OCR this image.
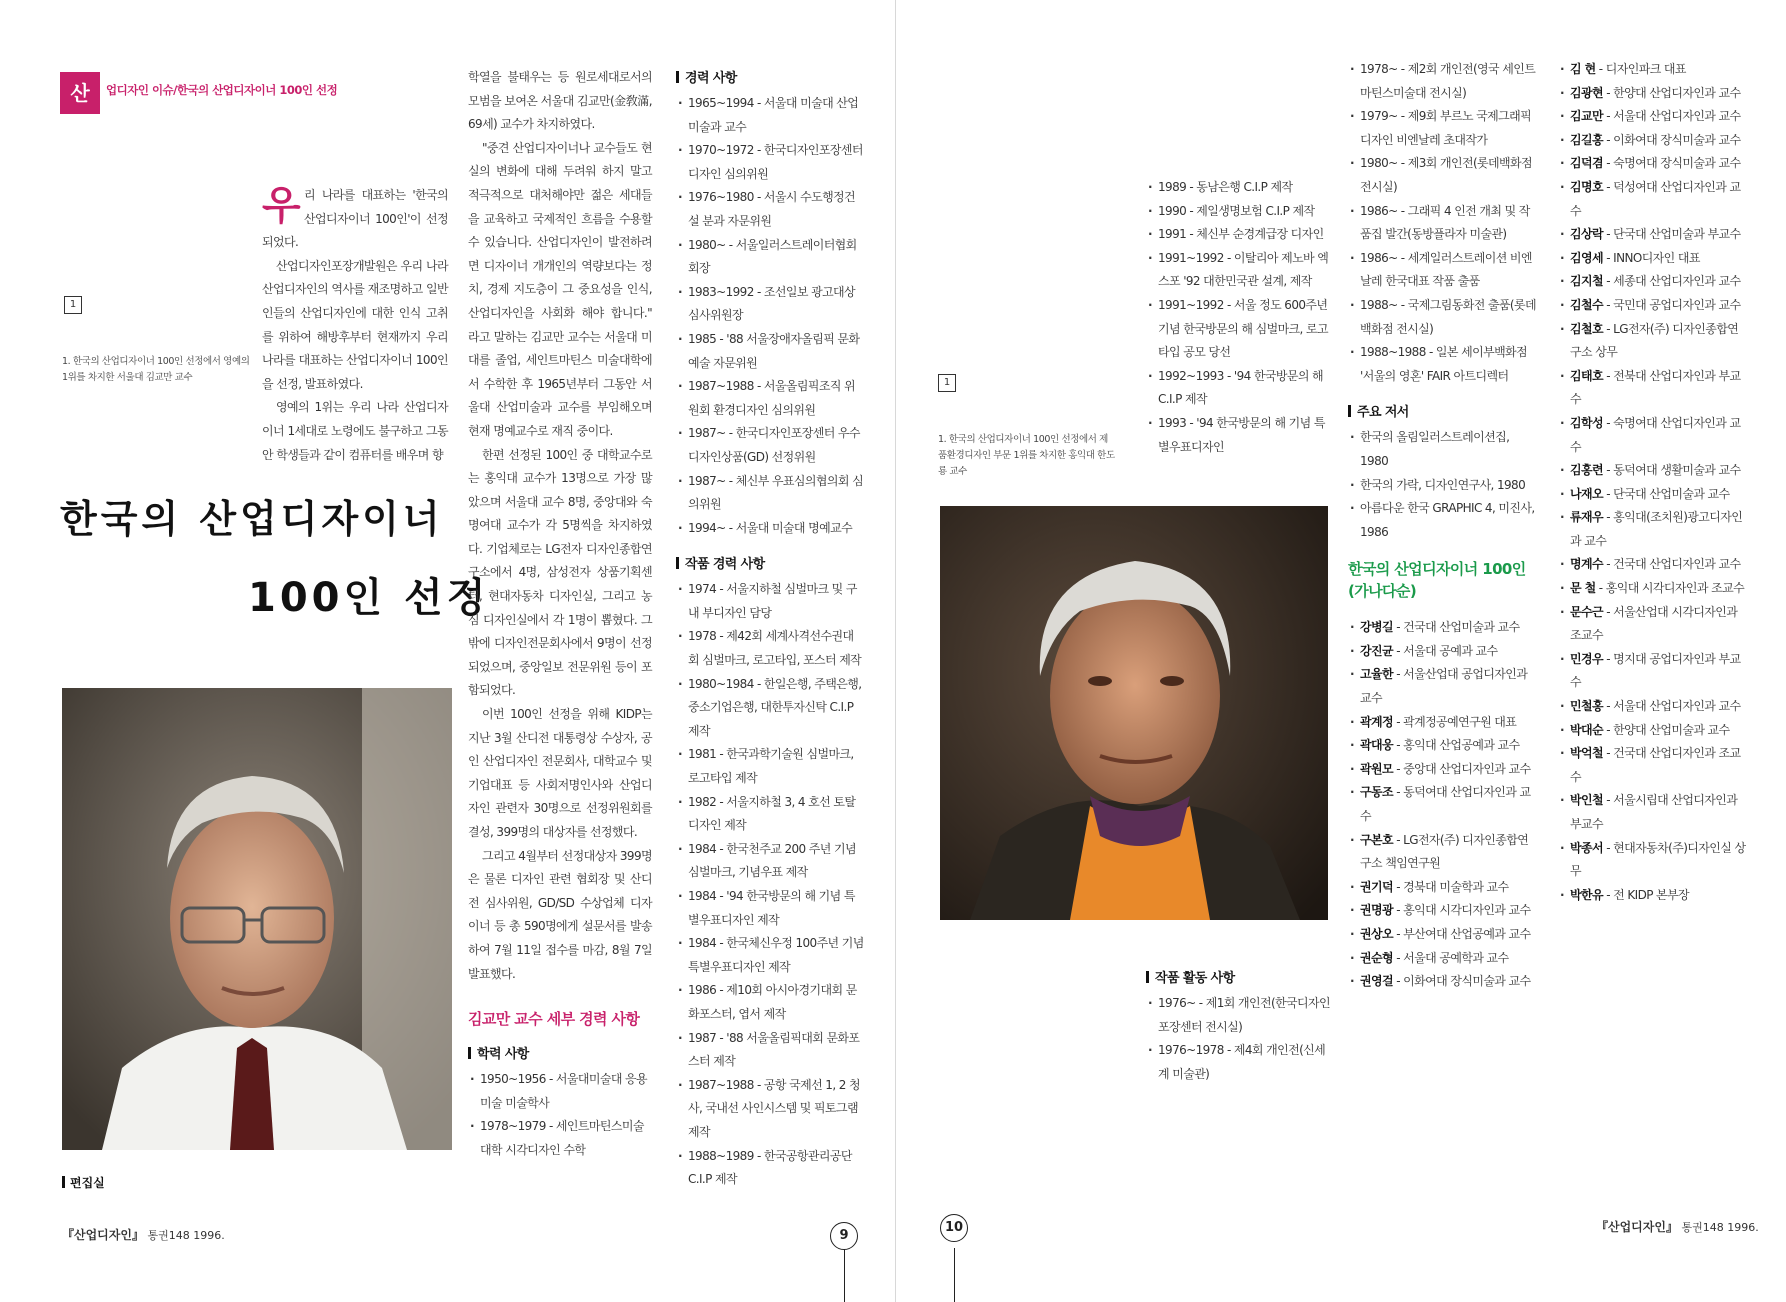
산	업디자인 이슈/한국의 산업디자이너 100인 선정

우리 나라를 대표하는 '한국의 산업디자이너 100인'이 선정되었다.

산업디자인포장개발원은 우리 나라 산업디자인의 역사를 재조명하고 일반인들의 산업디자인에 대한 인식 고취를 위하여 해방후부터 현재까지 우리 나라를 대표하는 산업디자이너 100인을 선정, 발표하였다.

영예의 1위는 우리 나라 산업디자이너 1세대로 노령에도 불구하고 그동안 학생들과 같이 컴퓨터를 배우며 향

1
1. 한국의 산업디자이너 100인 선정에서 영예의 1위를 차지한 서울대 김교만 교수
한국의 산업디자이너
100인 선정
편집실

학열을 불태우는 등 원로세대로서의 모범을 보여온 서울대 김교만(金敎滿, 69세) 교수가 차지하였다.

"중견 산업디자이너나 교수들도 현실의 변화에 대해 두려워 하지 말고 적극적으로 대처해야만 젊은 세대들을 교육하고 국제적인 흐름을 수용할 수 있습니다. 산업디자인이 발전하려면 디자이너 개개인의 역량보다는 정치, 경제 지도층이 그 중요성을 인식, 산업디자인을 사회화 해야 합니다." 라고 말하는 김교만 교수는 서울대 미대를 졸업, 세인트마틴스 미술대학에서 수학한 후 1965년부터 그동안 서울대 산업미술과 교수를 부임해오며 현재 명예교수로 재직 중이다.

한편 선정된 100인 중 대학교수로는 홍익대 교수가 13명으로 가장 많았으며 서울대 교수 8명, 중앙대와 숙명여대 교수가 각 5명씩을 차지하였다. 기업체로는 LG전자 디자인종합연구소에서 4명, 삼성전자 상품기획센터, 현대자동차 디자인실, 그리고 농심 디자인실에서 각 1명이 뽑혔다. 그밖에 디자인전문회사에서 9명이 선정되었으며, 중앙일보 전문위원 등이 포함되었다.

이번 100인 선정을 위해 KIDP는 지난 3월 산디전 대통령상 수상자, 공인 산업디자인 전문회사, 대학교수 및 기업대표 등 사회저명인사와 산업디자인 관련자 30명으로 선정위원회를 결성, 399명의 대상자를 선정했다.

그리고 4월부터 선정대상자 399명은 물론 디자인 관련 협회장 및 산디전 심사위원, GD/SD 수상업체 디자이너 등 총 590명에게 설문서를 발송하여 7월 11일 접수를 마감, 8월 7일 발표했다.

김교만 교수 세부 경력 사항
학력 사항
· 1950~1956 - 서울대미술대 응용미술 미술학사
· 1978~1979 - 세인트마틴스미술대학 시각디자인 수학
경력 사항
· 1965~1994 - 서울대 미술대 산업미술과 교수
· 1970~1972 - 한국디자인포장센터 디자인 심의위원
· 1976~1980 - 서울시 수도행정건설 분과 자문위원
· 1980~ - 서울일러스트레이터협회 회장
· 1983~1992 - 조선일보 광고대상 심사위원장
· 1985 - '88 서울장애자올림픽 문화예술 자문위원
· 1987~1988 - 서울올림픽조직 위원회 환경디자인 심의위원
· 1987~ - 한국디자인포장센터 우수디자인상품(GD) 선정위원
· 1987~ - 체신부 우표심의협의회 심의위원
· 1994~ - 서울대 미술대 명예교수
작품 경력 사항
· 1974 - 서울지하철 심벌마크 및 구내 부디자인 담당
· 1978 - 제42회 세계사격선수권대회 심벌마크, 로고타입, 포스터 제작
· 1980~1984 - 한일은행, 주택은행, 중소기업은행, 대한투자신탁 C.I.P 제작
· 1981 - 한국과학기술원 심벌마크, 로고타입 제작
· 1982 - 서울지하철 3, 4 호선 토탈디자인 제작
· 1984 - 한국천주교 200 주년 기념 심벌마크, 기념우표 제작
· 1984 - '94 한국방문의 해 기념 특별우표디자인 제작
· 1984 - 한국체신우정 100주년 기념 특별우표디자인 제작
· 1986 - 제10회 아시아경기대회 문화포스터, 엽서 제작
· 1987 - '88 서울올림픽대회 문화포스터 제작
· 1987~1988 - 공항 국제선 1, 2 청사, 국내선 사인시스템 및 픽토그램 제작
· 1988~1989 - 한국공항관리공단 C.I.P 제작
『산업디자인』 통권148 1996.	9
10
· 1989 - 동남은행 C.I.P 제작
· 1990 - 제일생명보험 C.I.P 제작
· 1991 - 체신부 순경계급장 디자인
· 1991~1992 - 이탈리아 제노바 엑스포 '92 대한민국관 설계, 제작
· 1991~1992 - 서울 정도 600주년 기념 한국방문의 해 심벌마크, 로고타입 공모 당선
· 1992~1993 - '94 한국방문의 해 C.I.P 제작
· 1993 - '94 한국방문의 해 기념 특별우표디자인
1
1. 한국의 산업디자이너 100인 선정에서 제 품환경디자인 부문 1위를 차지한 홍익대 한도룡 교수
작품 활동 사항
· 1976~ - 제1회 개인전(한국디자인포장센터 전시실)
· 1976~1978 - 제4회 개인전(신세계 미술관)
· 1978~ - 제2회 개인전(영국 세인트 마틴스미술대 전시실)
· 1979~ - 제9회 부르노 국제그래픽디자인 비엔날레 초대작가
· 1980~ - 제3회 개인전(롯데백화점 전시실)
· 1986~ - 그래픽 4 인전 개최 및 작품집 발간(동방플라자 미술관)
· 1986~ - 세계일러스트레이션 비엔날레 한국대표 작품 출품
· 1988~ - 국제그림동화전 출품(롯데백화점 전시실)
· 1988~1988 - 일본 세이부백화점 '서울의 영혼' FAIR 아트디렉터
주요 저서
· 한국의 올림일러스트레이션집, 1980
· 한국의 가락, 디자인연구사, 1980
· 아름다운 한국 GRAPHIC 4, 미진사, 1986
한국의 산업디자이너 100인 (가나다순)
· 강병길 - 건국대 산업미술과 교수
· 강진균 - 서울대 공예과 교수
· 고율한 - 서울산업대 공업디자인과 교수
· 곽계정 - 곽계정공예연구원 대표
· 곽대웅 - 홍익대 산업공예과 교수
· 곽원모 - 중앙대 산업디자인과 교수
· 구동조 - 동덕여대 산업디자인과 교수
· 구본호 - LG전자(주) 디자인종합연구소 책임연구원
· 권기덕 - 경북대 미술학과 교수
· 권명광 - 홍익대 시각디자인과 교수
· 권상오 - 부산여대 산업공예과 교수
· 권순형 - 서울대 공예학과 교수
· 권영걸 - 이화여대 장식미술과 교수
· 김 현 - 디자인파크 대표
· 김광현 - 한양대 산업디자인과 교수
· 김교만 - 서울대 산업디자인과 교수
· 김길홍 - 이화여대 장식미술과 교수
· 김덕겸 - 숙명여대 장식미술과 교수
· 김명호 - 덕성여대 산업디자인과 교수
· 김상락 - 단국대 산업미술과 부교수
· 김영세 - INNO디자인 대표
· 김지철 - 세종대 산업디자인과 교수
· 김철수 - 국민대 공업디자인과 교수
· 김철호 - LG전자(주) 디자인종합연구소 상무
· 김태호 - 전북대 산업디자인과 부교수
· 김학성 - 숙명여대 산업디자인과 교수
· 김홍련 - 동덕여대 생활미술과 교수
· 나재오 - 단국대 산업미술과 교수
· 류재우 - 홍익대(조치원)광고디자인과 교수
· 명계수 - 건국대 산업디자인과 교수
· 문 철 - 홍익대 시각디자인과 조교수
· 문수근 - 서울산업대 시각디자인과 조교수
· 민경우 - 명지대 공업디자인과 부교수
· 민철홍 - 서울대 산업디자인과 교수
· 박대순 - 한양대 산업미술과 교수
· 박억철 - 건국대 산업디자인과 조교수
· 박인철 - 서울시립대 산업디자인과 부교수
· 박종서 - 현대자동차(주)디자인실 상무
· 박한유 - 전 KIDP 본부장
『산업디자인』 통권148 1996.
